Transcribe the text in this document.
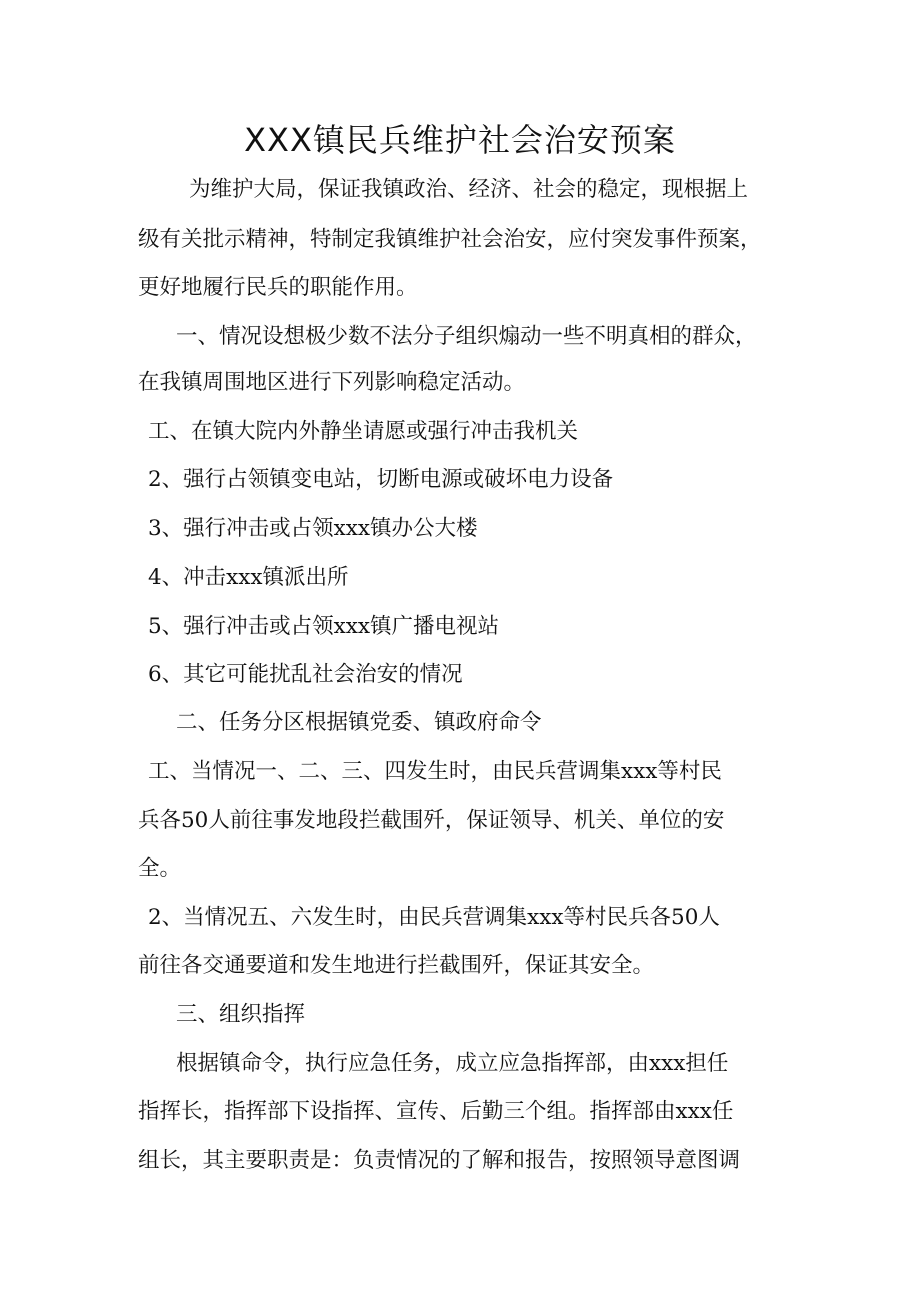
XXX镇民兵维护社会治安预案

为维护大局，保证我镇政治、经济、社会的稳定，现根据上

级有关批示精神，特制定我镇维护社会治安，应付突发事件预案，

更好地履行民兵的职能作用。

一、情况设想极少数不法分子组织煽动一些不明真相的群众，

在我镇周围地区进行下列影响稳定活动。

工、在镇大院内外静坐请愿或强行冲击我机关

2、强行占领镇变电站，切断电源或破坏电力设备

3、强行冲击或占领xxx镇办公大楼

4、冲击xxx镇派出所

5、强行冲击或占领xxx镇广播电视站

6、其它可能扰乱社会治安的情况

二、任务分区根据镇党委、镇政府命令

工、当情况一、二、三、四发生时，由民兵营调集xxx等村民

兵各50人前往事发地段拦截围歼，保证领导、机关、单位的安

全。

2、当情况五、六发生时，由民兵营调集xxx等村民兵各50人

前往各交通要道和发生地进行拦截围歼，保证其安全。

三、组织指挥

根据镇命令，执行应急任务，成立应急指挥部，由xxx担任

指挥长，指挥部下设指挥、宣传、后勤三个组。指挥部由xxx任

组长，其主要职责是：负责情况的了解和报告，按照领导意图调
